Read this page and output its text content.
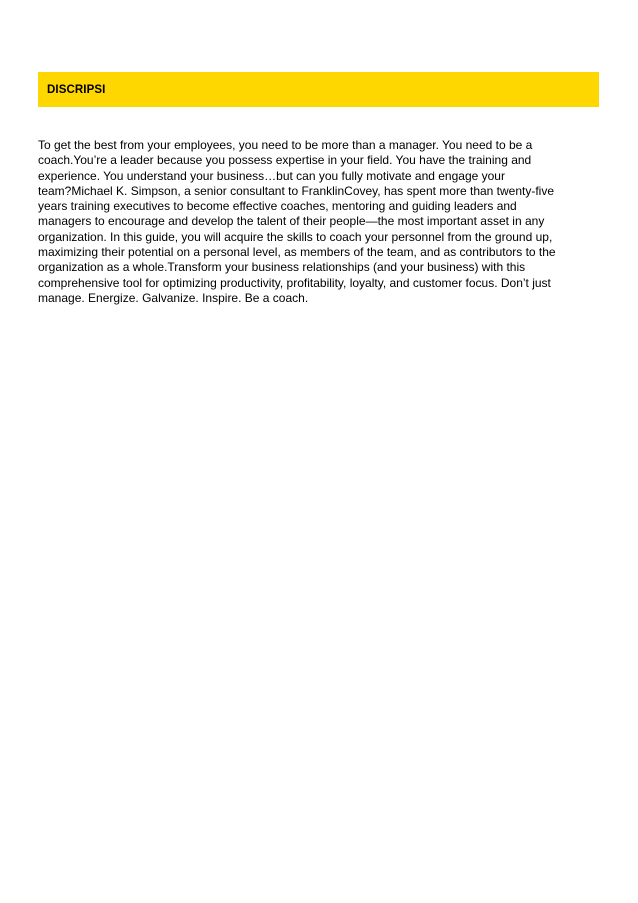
DISCRIPSI

To get the best from your employees, you need to be more than a manager. You need to be a
coach.You’re a leader because you possess expertise in your field. You have the training and
experience. You understand your business…but can you fully motivate and engage your
team?Michael K. Simpson, a senior consultant to FranklinCovey, has spent more than twenty-five
years training executives to become effective coaches, mentoring and guiding leaders and
managers to encourage and develop the talent of their people—the most important asset in any
organization. In this guide, you will acquire the skills to coach your personnel from the ground up,
maximizing their potential on a personal level, as members of the team, and as contributors to the
organization as a whole.Transform your business relationships (and your business) with this
comprehensive tool for optimizing productivity, profitability, loyalty, and customer focus. Don’t just
manage. Energize. Galvanize. Inspire. Be a coach.
